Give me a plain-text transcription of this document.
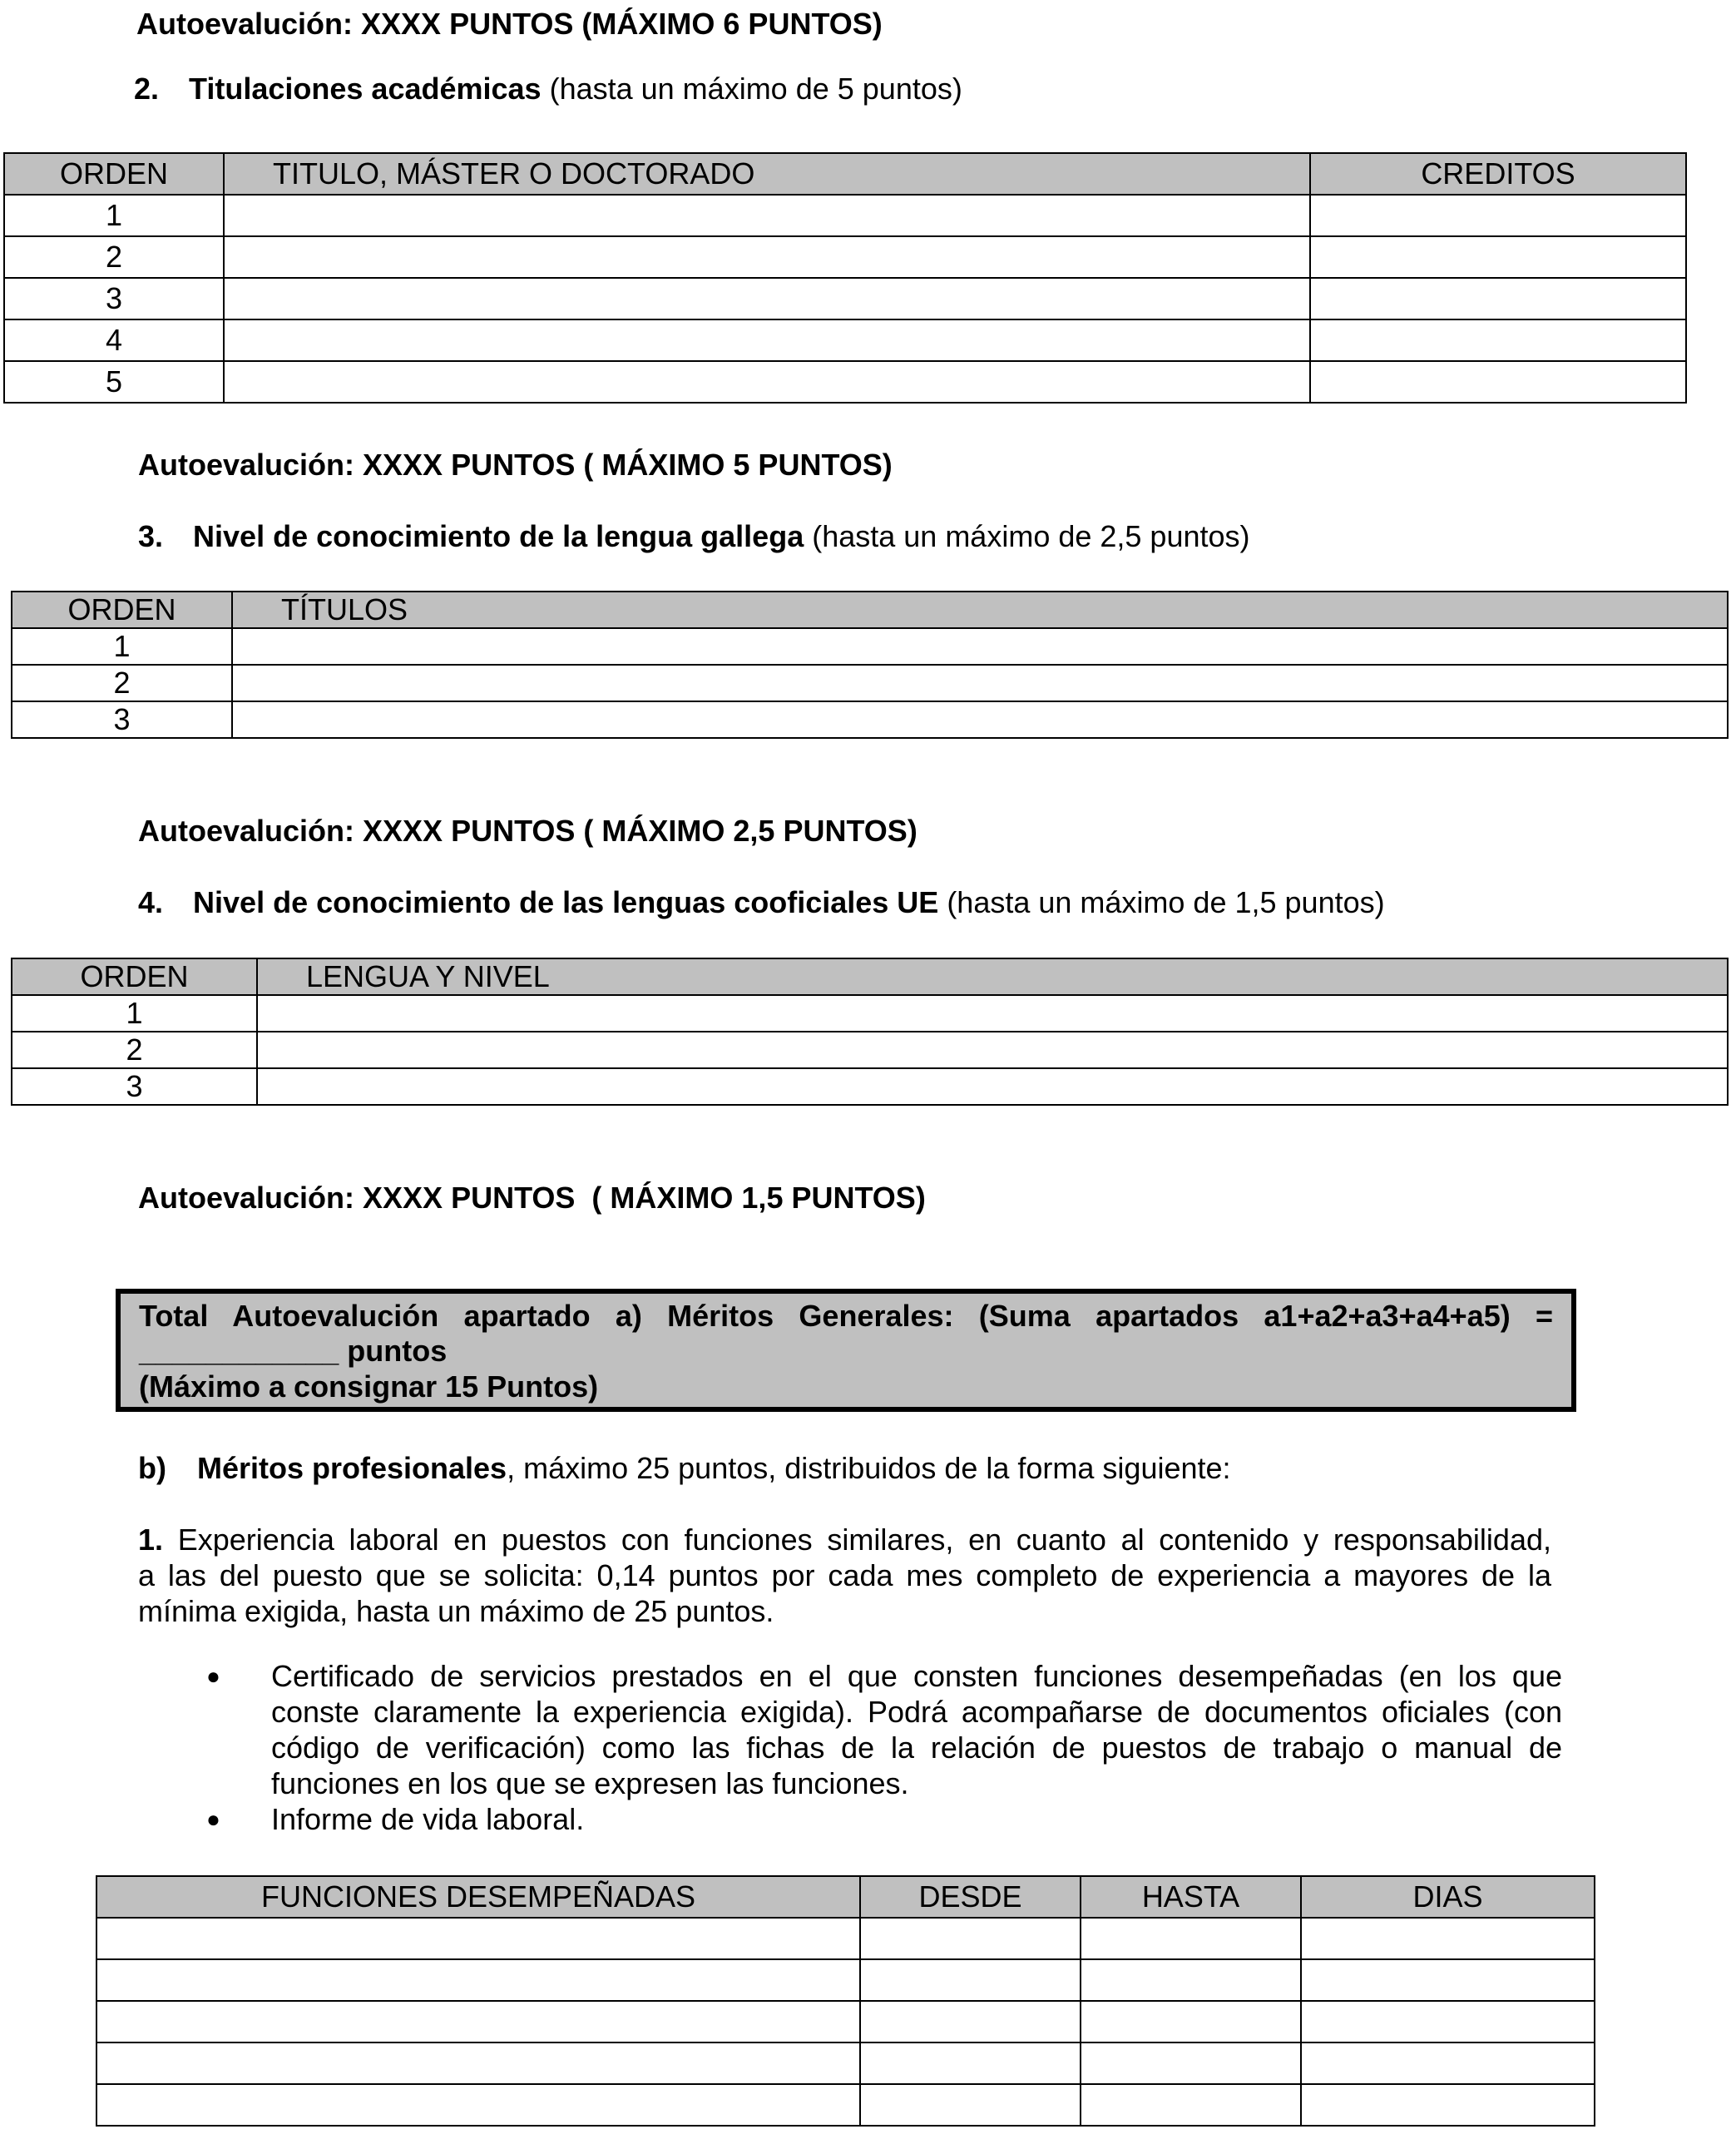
Autoevalución: XXXX PUNTOS (MÁXIMO 6 PUNTOS)
2. Titulaciones académicas (hasta un máximo de 5 puntos)
ORDEN	TITULO, MÁSTER O DOCTORADO	CREDITOS
1		
2		
3		
4		
5		
Autoevalución: XXXX PUNTOS ( MÁXIMO 5 PUNTOS)
3. Nivel de conocimiento de la lengua gallega (hasta un máximo de 2,5 puntos)
ORDEN	TÍTULOS
1	
2	
3	
Autoevalución: XXXX PUNTOS ( MÁXIMO 2,5 PUNTOS)
4. Nivel de conocimiento de las lenguas cooficiales UE (hasta un máximo de 1,5 puntos)
ORDEN	LENGUA Y NIVEL
1	
2	
3	
Autoevalución: XXXX PUNTOS  ( MÁXIMO 1,5 PUNTOS)
Total Autoevalución apartado a) Méritos Generales: (Suma apartados a1+a2+a3+a4+a5) =
____________ puntos
(Máximo a consignar 15 Puntos)
b) Méritos profesionales, máximo 25 puntos, distribuidos de la forma siguiente:
1. Experiencia laboral en puestos con funciones similares, en cuanto al contenido y responsabilidad,
a las del puesto que se solicita: 0,14 puntos por cada mes completo de experiencia a mayores de la
mínima exigida, hasta un máximo de 25 puntos.
● Certificado de servicios prestados en el que consten funciones desempeñadas (en los que
conste claramente la experiencia exigida). Podrá acompañarse de documentos oficiales (con
código de verificación) como las fichas de la relación de puestos de trabajo o manual de
funciones en los que se expresen las funciones.
● Informe de vida laboral.
FUNCIONES DESEMPEÑADAS	DESDE	HASTA	DIAS
